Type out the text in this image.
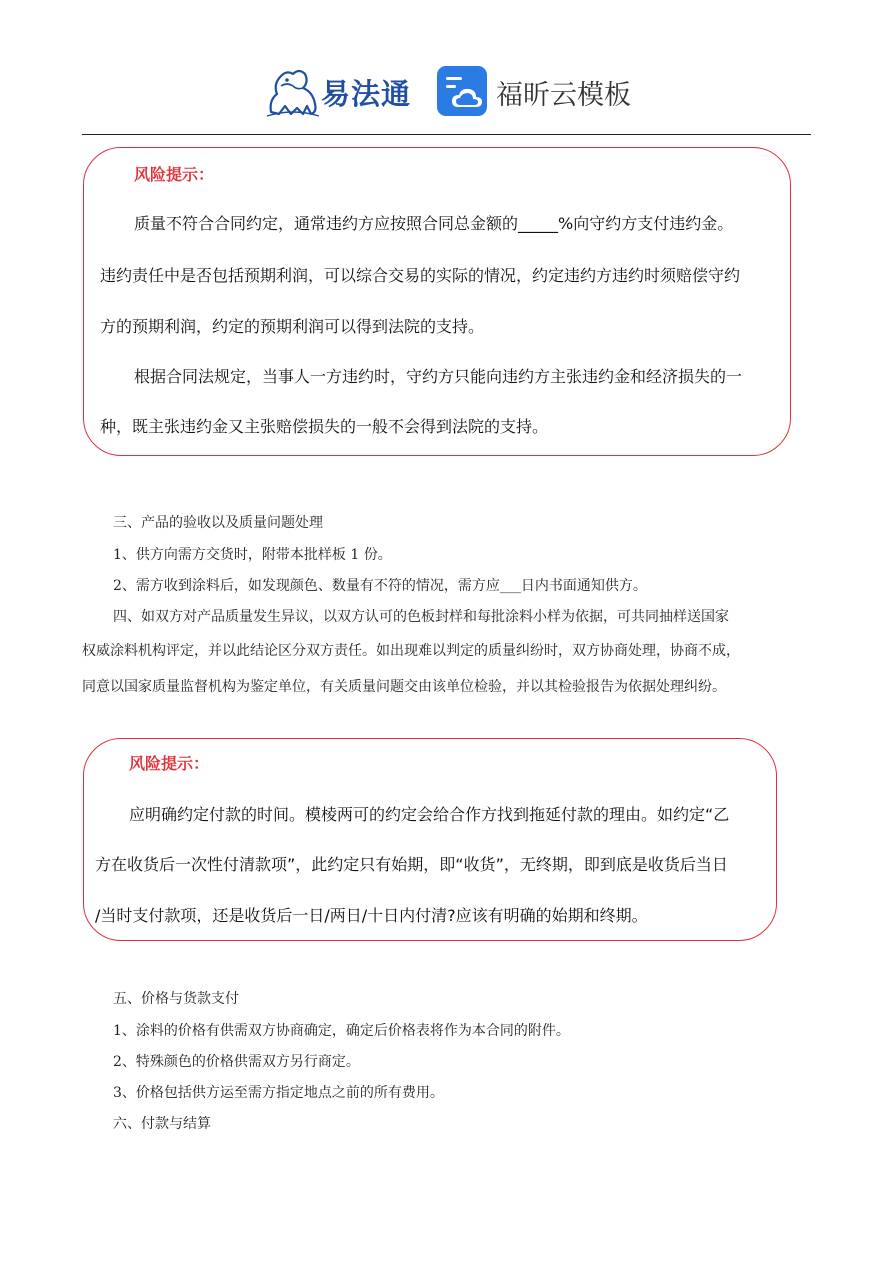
易法通	福昕云模板
风险提示：
质量不符合合同约定，通常违约方应按照合同总金额的_____%向守约方支付违约金。
违约责任中是否包括预期利润，可以综合交易的实际的情况，约定违约方违约时须赔偿守约
方的预期利润，约定的预期利润可以得到法院的支持。
根据合同法规定，当事人一方违约时，守约方只能向违约方主张违约金和经济损失的一
种，既主张违约金又主张赔偿损失的一般不会得到法院的支持。
三、产品的验收以及质量问题处理
1、供方向需方交货时，附带本批样板 1 份。
2、需方收到涂料后，如发现颜色、数量有不符的情况，需方应___日内书面通知供方。
四、如双方对产品质量发生异议，以双方认可的色板封样和每批涂料小样为依据，可共同抽样送国家
权威涂料机构评定，并以此结论区分双方责任。如出现难以判定的质量纠纷时，双方协商处理，协商不成，
同意以国家质量监督机构为鉴定单位，有关质量问题交由该单位检验，并以其检验报告为依据处理纠纷。
风险提示：
应明确约定付款的时间。模棱两可的约定会给合作方找到拖延付款的理由。如约定“乙
方在收货后一次性付清款项”，此约定只有始期，即“收货”，无终期，即到底是收货后当日
/当时支付款项，还是收货后一日/两日/十日内付清?应该有明确的始期和终期。
五、价格与货款支付
1、涂料的价格有供需双方协商确定，确定后价格表将作为本合同的附件。
2、特殊颜色的价格供需双方另行商定。
3、价格包括供方运至需方指定地点之前的所有费用。
六、付款与结算
